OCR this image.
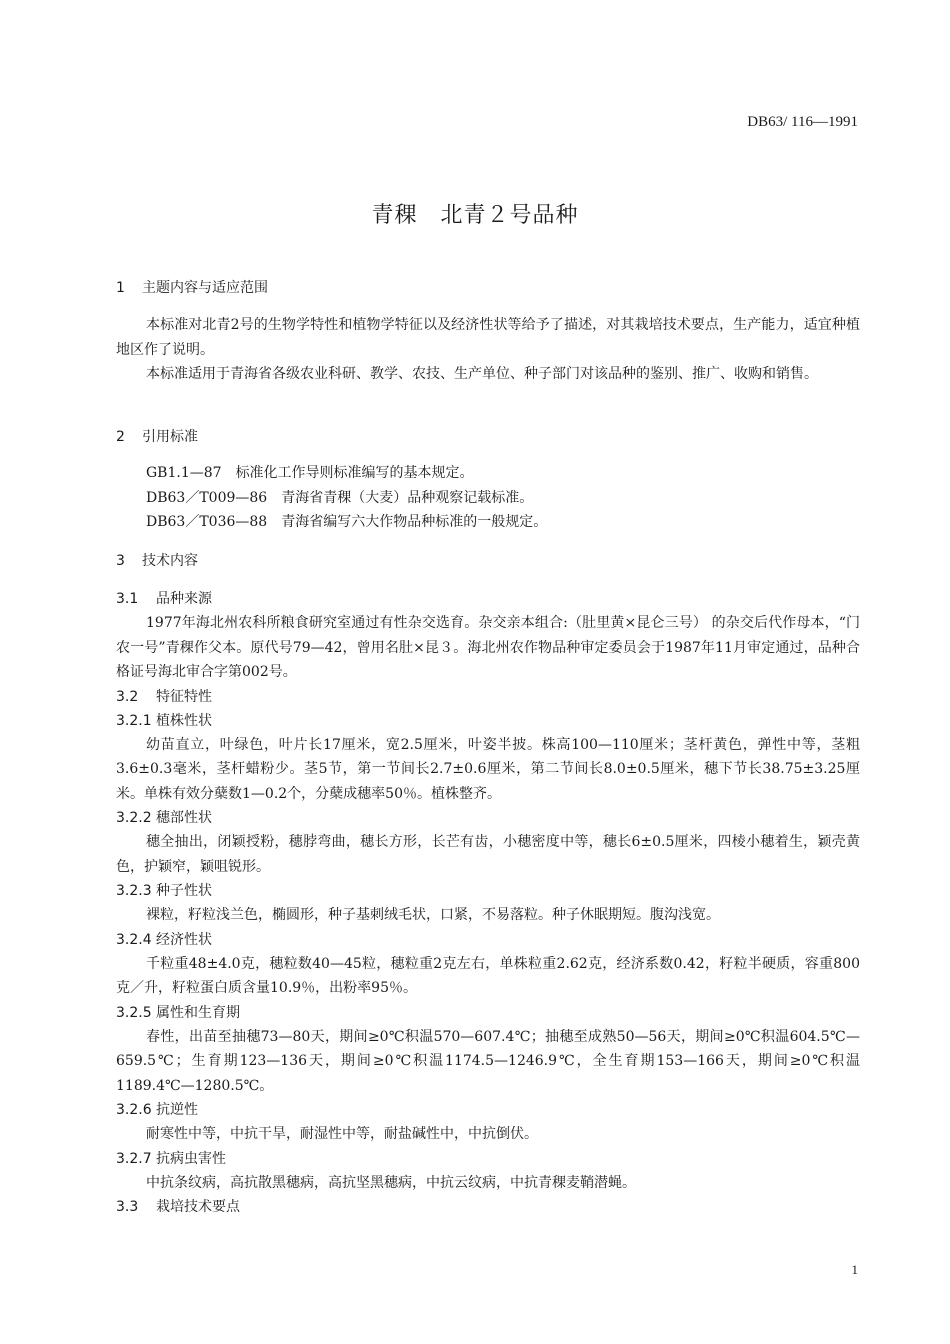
DB63/ 116—1991
青稞　北青２号品种
1 主题内容与适应范围

本标准对北青2号的生物学特性和植物学特征以及经济性状等给予了描述，对其栽培技术要点，生产能力，适宜种植地区作了说明。

本标准适用于青海省各级农业科研、教学、农技、生产单位、种子部门对该品种的鉴别、推广、收购和销售。

2 引用标准

GB1.1—87 标准化工作导则标准编写的基本规定。

DB63／T009—86 青海省青稞（大麦）品种观察记载标准。

DB63／T036—88 青海省编写六大作物品种标准的一般规定。

3 技术内容
3.1 品种来源

1977年海北州农科所粮食研究室通过有性杂交选育。杂交亲本组合:（肚里黄×昆仑三号） 的杂交后代作母本，“门农一号”青稞作父本。原代号79—42，曾用名肚×昆３。海北州农作物品种审定委员会于1987年11月审定通过，品种合格证号海北审合字第002号。

3.2 特征特性
3.2.1 植株性状

幼苗直立，叶绿色，叶片长17厘米，宽2.5厘米，叶姿半披。株高100—110厘米；茎杆黄色，弹性中等，茎粗3.6±0.3毫米，茎杆蜡粉少。茎5节，第一节间长2.7±0.6厘米，第二节间长8.0±0.5厘米，穗下节长38.75±3.25厘米。单株有效分蘖数1—0.2个，分蘖成穗率50％。植株整齐。

3.2.2 穗部性状

穗全抽出，闭颖授粉，穗脖弯曲，穗长方形，长芒有齿，小穗密度中等，穗长6±0.5厘米，四棱小穗着生，颖壳黄色，护颖窄，颖咀锐形。

3.2.3 种子性状

裸粒，籽粒浅兰色，椭圆形，种子基刺绒毛状，口紧，不易落粒。种子休眠期短。腹沟浅宽。

3.2.4 经济性状

千粒重48±4.0克，穗粒数40—45粒，穗粒重2克左右，单株粒重2.62克，经济系数0.42，籽粒半硬质，容重800克／升，籽粒蛋白质含量10.9％，出粉率95％。

3.2.5 属性和生育期

春性，出苗至抽穗73—80天，期间≥0℃积温570—607.4℃；抽穗至成熟50—56天，期间≥0℃积温604.5℃—659.5℃；生育期123—136天，期间≥0℃积温1174.5—1246.9℃，全生育期153—166天，期间≥0℃积温1189.4℃—1280.5℃。

3.2.6 抗逆性

耐寒性中等，中抗干旱，耐湿性中等，耐盐碱性中，中抗倒伏。

3.2.7 抗病虫害性

中抗条纹病，高抗散黑穗病，高抗坚黑穗病，中抗云纹病，中抗青稞麦鞘潜蝇。

3.3 栽培技术要点
1
